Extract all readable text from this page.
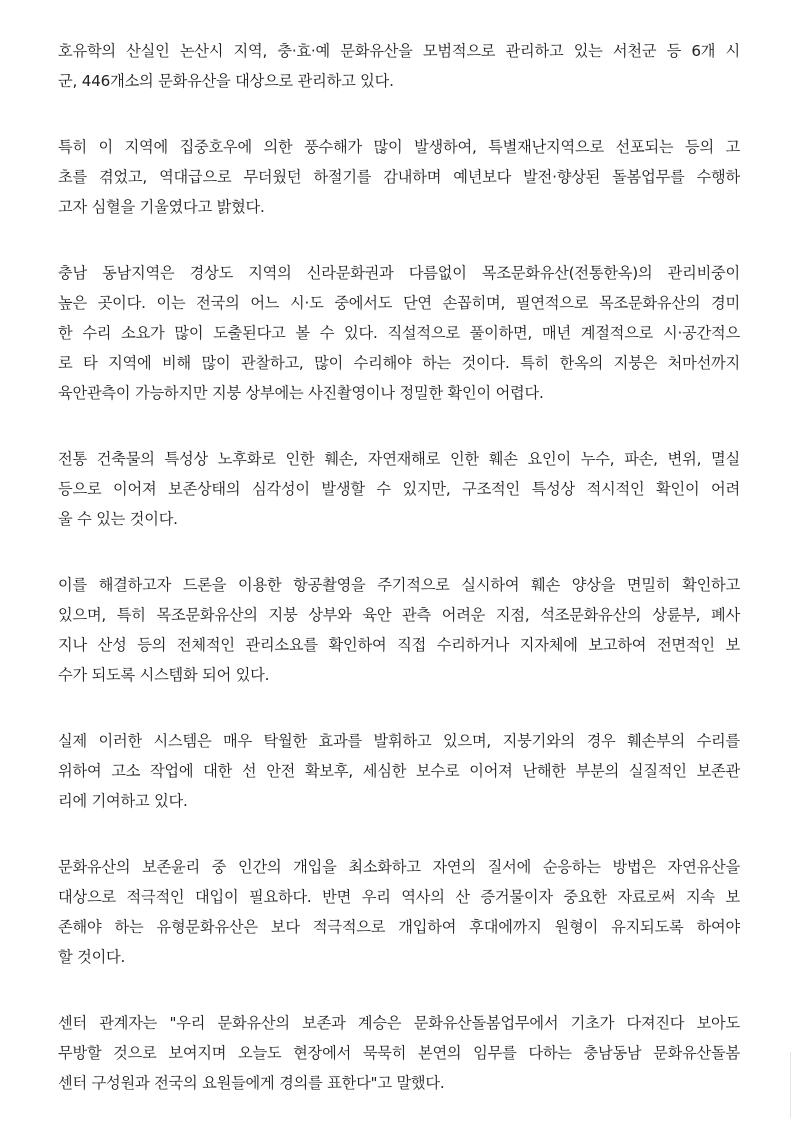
호유학의 산실인 논산시 지역, 충·효·예 문화유산을 모범적으로 관리하고 있는 서천군 등 6개 시
군, 446개소의 문화유산을 대상으로 관리하고 있다.

특히 이 지역에 집중호우에 의한 풍수해가 많이 발생하여, 특별재난지역으로 선포되는 등의 고
초를 겪었고, 역대급으로 무더웠던 하절기를 감내하며 예년보다 발전·향상된 돌봄업무를 수행하
고자 심혈을 기울였다고 밝혔다.

충남 동남지역은 경상도 지역의 신라문화권과 다름없이 목조문화유산(전통한옥)의 관리비중이
높은 곳이다. 이는 전국의 어느 시·도 중에서도 단연 손꼽히며, 필연적으로 목조문화유산의 경미
한 수리 소요가 많이 도출된다고 볼 수 있다. 직설적으로 풀이하면, 매년 계절적으로 시·공간적으
로 타 지역에 비해 많이 관찰하고, 많이 수리해야 하는 것이다. 특히 한옥의 지붕은 처마선까지
육안관측이 가능하지만 지붕 상부에는 사진촬영이나 정밀한 확인이 어렵다.

전통 건축물의 특성상 노후화로 인한 훼손, 자연재해로 인한 훼손 요인이 누수, 파손, 변위, 멸실
등으로 이어져 보존상태의 심각성이 발생할 수 있지만, 구조적인 특성상 적시적인 확인이 어려
울 수 있는 것이다.

이를 해결하고자 드론을 이용한 항공촬영을 주기적으로 실시하여 훼손 양상을 면밀히 확인하고
있으며, 특히 목조문화유산의 지붕 상부와 육안 관측 어려운 지점, 석조문화유산의 상륜부, 폐사
지나 산성 등의 전체적인 관리소요를 확인하여 직접 수리하거나 지자체에 보고하여 전면적인 보
수가 되도록 시스템화 되어 있다.

실제 이러한 시스템은 매우 탁월한 효과를 발휘하고 있으며, 지붕기와의 경우 훼손부의 수리를
위하여 고소 작업에 대한 선 안전 확보후, 세심한 보수로 이어져 난해한 부분의 실질적인 보존관
리에 기여하고 있다.

문화유산의 보존윤리 중 인간의 개입을 최소화하고 자연의 질서에 순응하는 방법은 자연유산을
대상으로 적극적인 대입이 필요하다. 반면 우리 역사의 산 증거물이자 중요한 자료로써 지속 보
존해야 하는 유형문화유산은 보다 적극적으로 개입하여 후대에까지 원형이 유지되도록 하여야
할 것이다.

센터 관계자는 "우리 문화유산의 보존과 계승은 문화유산돌봄업무에서 기초가 다져진다 보아도
무방할 것으로 보여지며 오늘도 현장에서 묵묵히 본연의 임무를 다하는 충남동남 문화유산돌봄
센터 구성원과 전국의 요원들에게 경의를 표한다"고 말했다.
